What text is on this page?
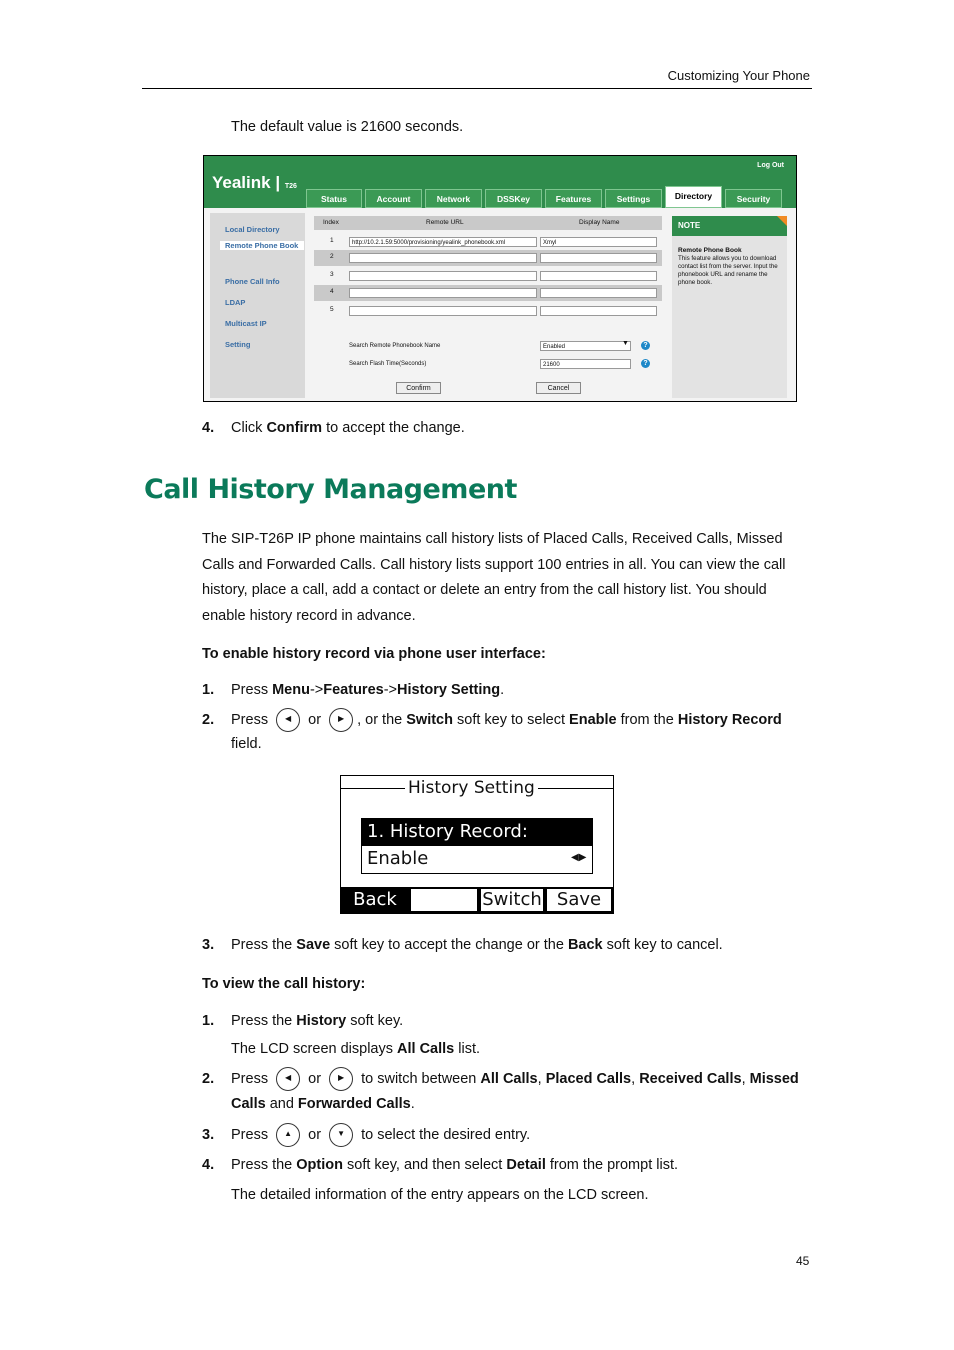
Customizing Your Phone
The default value is 21600 seconds.
Yealink | T26
Log Out
Status	Account	Network	DSSKey	Features	Settings	Directory	Security
Local Directory
Remote Phone Book
Phone Call Info
LDAP
Multicast IP
Setting
Index	Remote URL	Display Name
1	http://10.2.1.59:5000/provisioning/yealink_phonebook.xml	Xmyl
2
3
4
5
Search Remote Phonebook Name	Enabled	▼	?
Search Flash Time(Seconds)	21600	?
Confirm	Cancel
NOTE
Remote Phone Book
This feature allows you to download contact list from the server. Input the phonebook URL and rename the phone book.
4. Click Confirm to accept the change.
Call History Management
The SIP-T26P IP phone maintains call history lists of Placed Calls, Received Calls, Missed Calls and Forwarded Calls. Call history lists support 100 entries in all. You can view the call history, place a call, add a contact or delete an entry from the call history list. You should enable history record in advance.
To enable history record via phone user interface:
1. Press Menu->Features->History Setting.
2. Press ◀ or ▶ , or the Switch soft key to select Enable from the History Record
field.
History Setting
1. History Record:
Enable	◀▶
Back	Switch Save
3. Press the Save soft key to accept the change or the Back soft key to cancel.
To view the call history:
1. Press the History soft key.
The LCD screen displays All Calls list.
2. Press ◀ or ▶ to switch between All Calls, Placed Calls, Received Calls, Missed
Calls and Forwarded Calls.
3. Press ▲ or ▼ to select the desired entry.
4. Press the Option soft key, and then select Detail from the prompt list.
The detailed information of the entry appears on the LCD screen.
45
